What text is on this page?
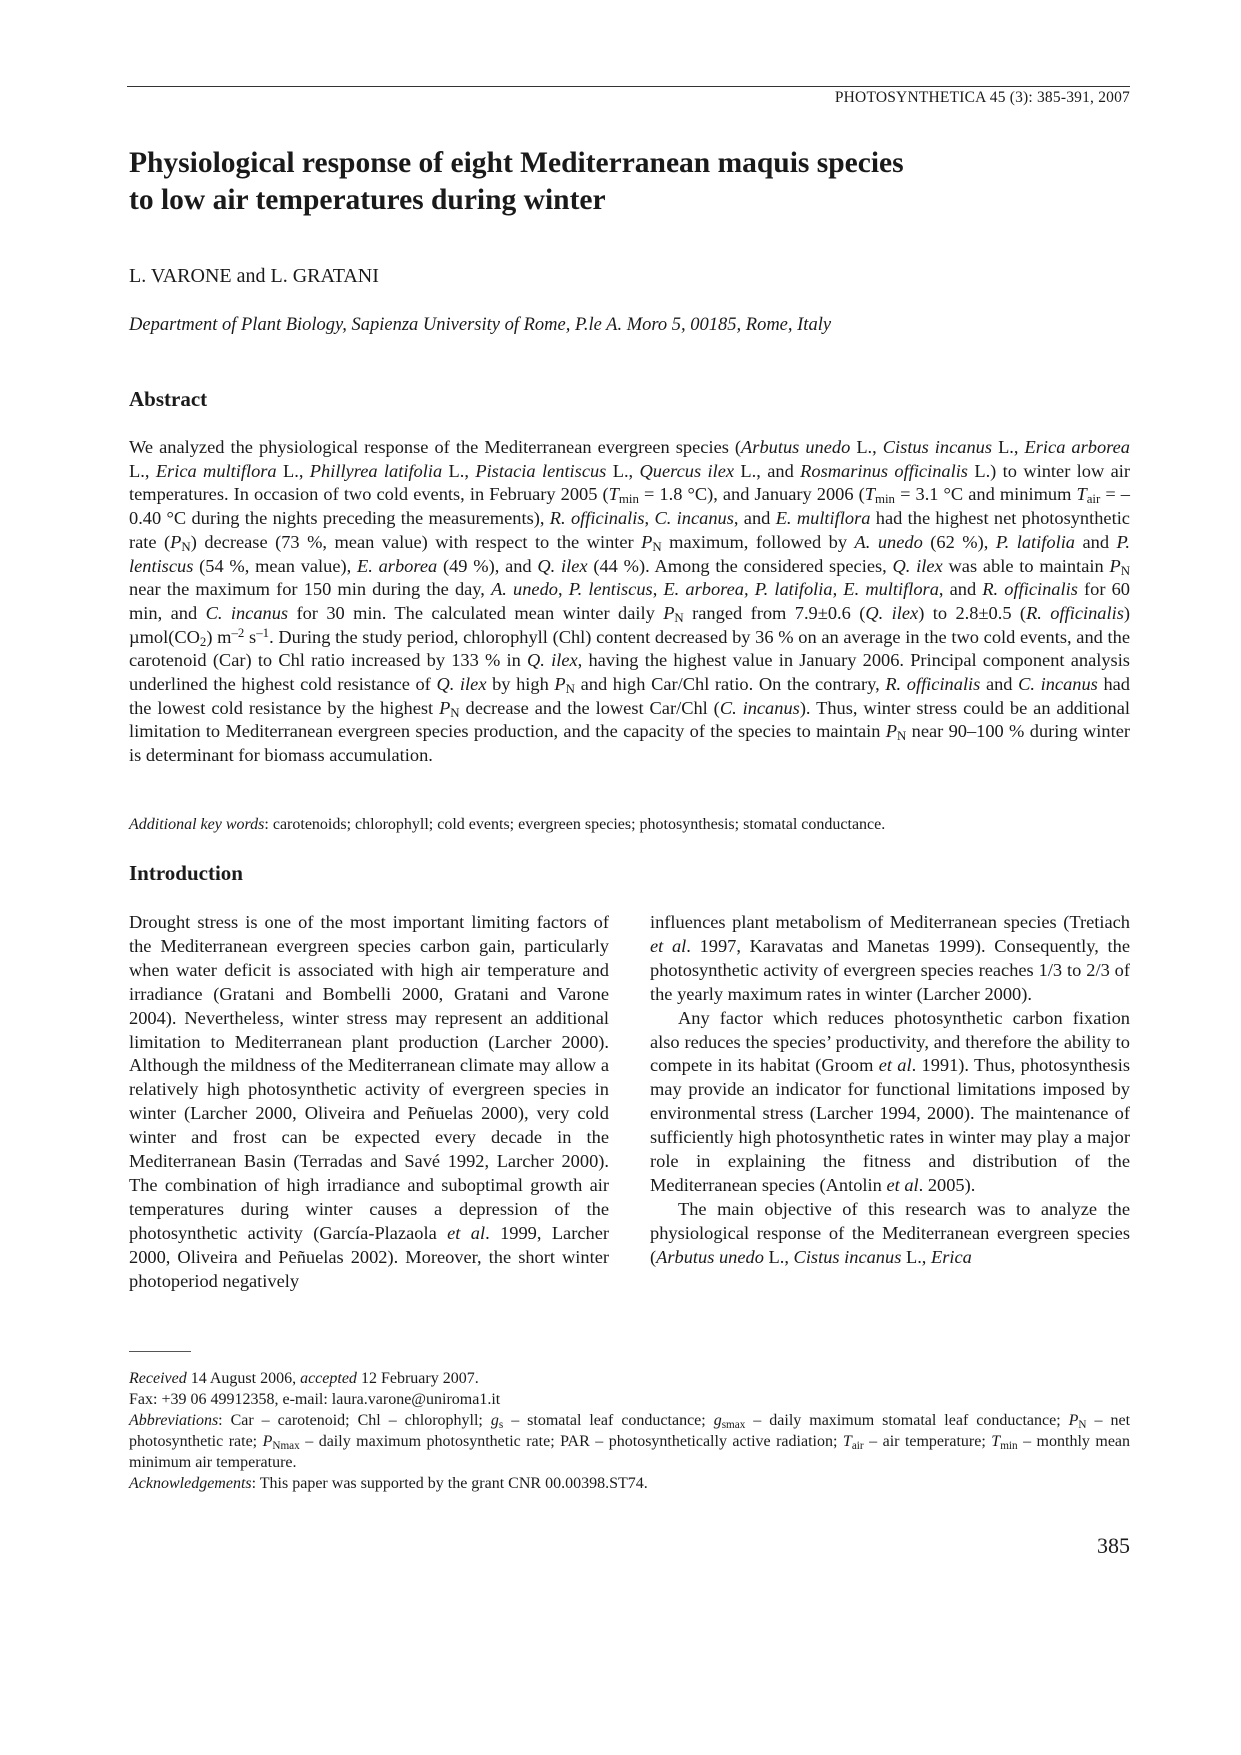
PHOTOSYNTHETICA 45 (3): 385-391, 2007
Physiological response of eight Mediterranean maquis species
to low air temperatures during winter
L. VARONE and L. GRATANI
Department of Plant Biology, Sapienza University of Rome, P.le A. Moro 5, 00185, Rome, Italy
Abstract

We analyzed the physiological response of the Mediterranean evergreen species (Arbutus unedo L., Cistus incanus L., Erica arborea L., Erica multiflora L., Phillyrea latifolia L., Pistacia lentiscus L., Quercus ilex L., and Rosmarinus officinalis L.) to winter low air temperatures. In occasion of two cold events, in February 2005 ($T_{min} = 1.8$ °C), and January 2006 ($T_{min} = 3.1$ °C and minimum $T_{air} = -0.40$ °C during the nights preceding the measurements), R. officinalis, C. incanus, and E. multiflora had the highest net photosynthetic rate $(P_N)$ decrease (73 %, mean value) with respect to the winter $P_N$ maximum, followed by A. unedo (62 %), P. latifolia and P. lentiscus (54 %, mean value), E. arborea (49 %), and Q. ilex (44 %). Among the considered species, Q. ilex was able to maintain $P_N$ near the maximum for 150 min during the day, A. unedo, P. lentiscus, E. arborea, P. latifolia, E. multiflora, and R. officinalis for 60 min, and C. incanus for 30 min. The calculated mean winter daily $P_N$ ranged from 7.9±0.6 (Q. ilex) to 2.8±0.5 (R. officinalis) $\mu mol(CO_2)$ $m^{-2}$ $s^{-1}$. During the study period, chlorophyll (Chl) content decreased by 36 % on an average in the two cold events, and the carotenoid (Car) to Chl ratio increased by 133 % in Q. ilex, having the highest value in January 2006. Principal component analysis underlined the highest cold resistance of Q. ilex by high $P_N$ and high Car/Chl ratio. On the contrary, R. officinalis and C. incanus had the lowest cold resistance by the highest $P_N$ decrease and the lowest Car/Chl (C. incanus). Thus, winter stress could be an additional limitation to Mediterranean evergreen species production, and the capacity of the species to maintain $P_N$ near 90–100 % during winter is determinant for biomass accumulation.

Additional key words: carotenoids; chlorophyll; cold events; evergreen species; photosynthesis; stomatal conductance.
Introduction

Drought stress is one of the most important limiting factors of the Mediterranean evergreen species carbon gain, particularly when water deficit is associated with high air temperature and irradiance (Gratani and Bombelli 2000, Gratani and Varone 2004). Nevertheless, winter stress may represent an additional limitation to Mediterranean plant production (Larcher 2000). Although the mildness of the Mediterranean climate may allow a relatively high photosynthetic activity of evergreen species in winter (Larcher 2000, Oliveira and Peñuelas 2000), very cold winter and frost can be expected every decade in the Mediterranean Basin (Terradas and Savé 1992, Larcher 2000). The combination of high irradiance and suboptimal growth air temperatures during winter causes a depression of the photosynthetic activity (García-Plazaola et al. 1999, Larcher 2000, Oliveira and Peñuelas 2002). Moreover, the short winter photoperiod negatively

influences plant metabolism of Mediterranean species (Tretiach et al. 1997, Karavatas and Manetas 1999). Consequently, the photosynthetic activity of evergreen species reaches 1/3 to 2/3 of the yearly maximum rates in winter (Larcher 2000).

Any factor which reduces photosynthetic carbon fixation also reduces the species’ productivity, and therefore the ability to compete in its habitat (Groom et al. 1991). Thus, photosynthesis may provide an indicator for functional limitations imposed by environmental stress (Larcher 1994, 2000). The maintenance of sufficiently high photosynthetic rates in winter may play a major role in explaining the fitness and distribution of the Mediterranean species (Antolin et al. 2005).

The main objective of this research was to analyze the physiological response of the Mediterranean evergreen species (Arbutus unedo L., Cistus incanus L., Erica

Received 14 August 2006, accepted 12 February 2007.
Fax: +39 06 49912358, e-mail: laura.varone@uniroma1.it
Abbreviations: Car – carotenoid; Chl – chlorophyll; $g_s$ – stomatal leaf conductance; $g_{smax}$ – daily maximum stomatal leaf conductance; $P_N$ – net photosynthetic rate; $P_{Nmax}$ – daily maximum photosynthetic rate; PAR – photosynthetically active radiation; $T_{air}$ – air temperature; $T_{min}$ – monthly mean minimum air temperature.
Acknowledgements: This paper was supported by the grant CNR 00.00398.ST74.
385
